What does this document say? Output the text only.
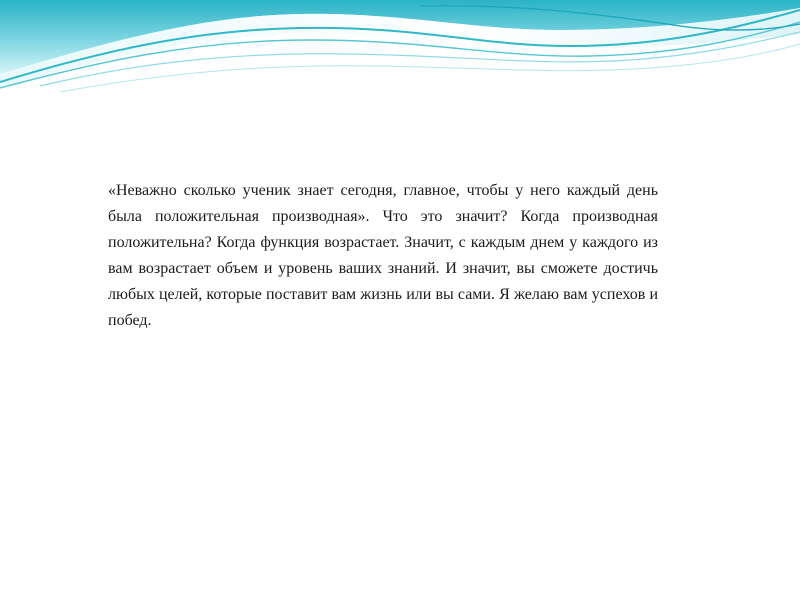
«Неважно сколько ученик знает сегодня, главное, чтобы у него каждый день была положительная производная». Что это значит? Когда производная положительна? Когда функция возрастает. Значит, с каждым днем у каждого из вам возрастает объем и уровень ваших знаний. И значит, вы сможете достичь любых целей, которые поставит вам жизнь или вы сами. Я желаю вам успехов и побед.
